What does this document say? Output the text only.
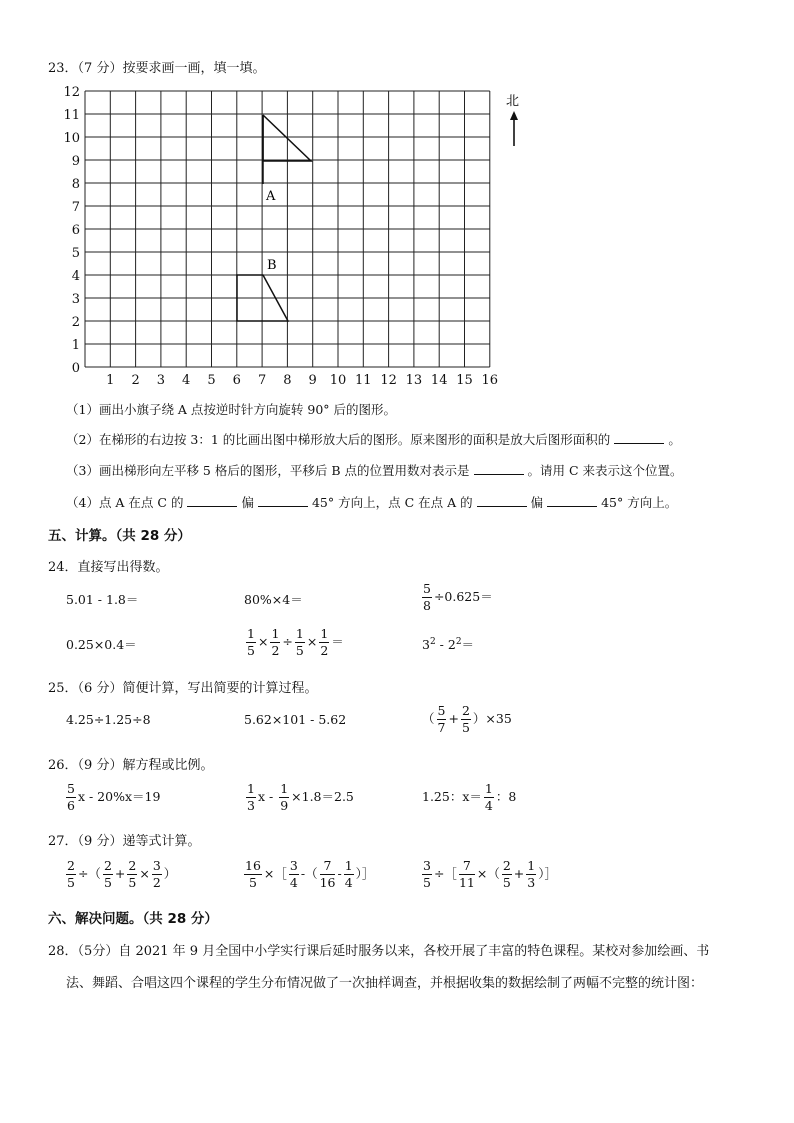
23．（7 分）按要求画一画，填一填。
0
1
2
3
4
5
6
7
8
9
10
11
12
1 2 3 4 5 6 7 8 9 10 11 12 13 14 15 16
A
B
北
（1）画出小旗子绕 A 点按逆时针方向旋转 90° 后的图形。
（2）在梯形的右边按 3：1 的比画出图中梯形放大后的图形。原来图形的面积是放大后图形面积的	。
（3）画出梯形向左平移 5 格后的图形，平移后 B 点的位置用数对表示是	。请用 C 来表示这个位置。
（4）点 A 在点 C 的	偏	45° 方向上，点 C 在点 A 的	偏	45° 方向上。
五、计算。（共 28 分）
24．直接写出得数。
5.01 - 1.8＝	80%×4＝	$\frac{5}{8} \div 0.625=$
0.25×0.4＝	$\frac{1}{5} \times \frac{1}{2} \div \frac{1}{5} \times \frac{1}{2}$ ＝	$3^2 - 2^2=$
25．（6 分）简便计算，写出简要的计算过程。
4.25÷1.25÷8	5.62×101 - 5.62	（ $\frac{5}{7} + \frac{2}{5} )\times 35$
26．（9 分）解方程或比例。
$\frac{5}{6}$ x - 20%x＝19	$\frac{1}{3}$ $x - \frac{1}{9} \times 1.8=2.5$	1.25：$x= \frac{1}{4}$ ：8
27．（9 分）递等式计算。
$\frac{2}{5}$ ÷（ $\frac{2}{5} + \frac{2}{5} \times \frac{3}{2}$ ）	$\frac{16}{5}$ ×［ $\frac{3}{4}$ -（ $\frac{7}{16} - \frac{1}{4}$ ）］	$\frac{3}{5}$ ÷［ $\frac{7}{11}$ ×（ $\frac{2}{5} + \frac{1}{3}$ ）］
六、解决问题。（共 28 分）
28．（5分）自 2021 年 9 月全国中小学实行课后延时服务以来，各校开展了丰富的特色课程。某校对参加绘画、书
法、舞蹈、合唱这四个课程的学生分布情况做了一次抽样调查，并根据收集的数据绘制了两幅不完整的统计图：
